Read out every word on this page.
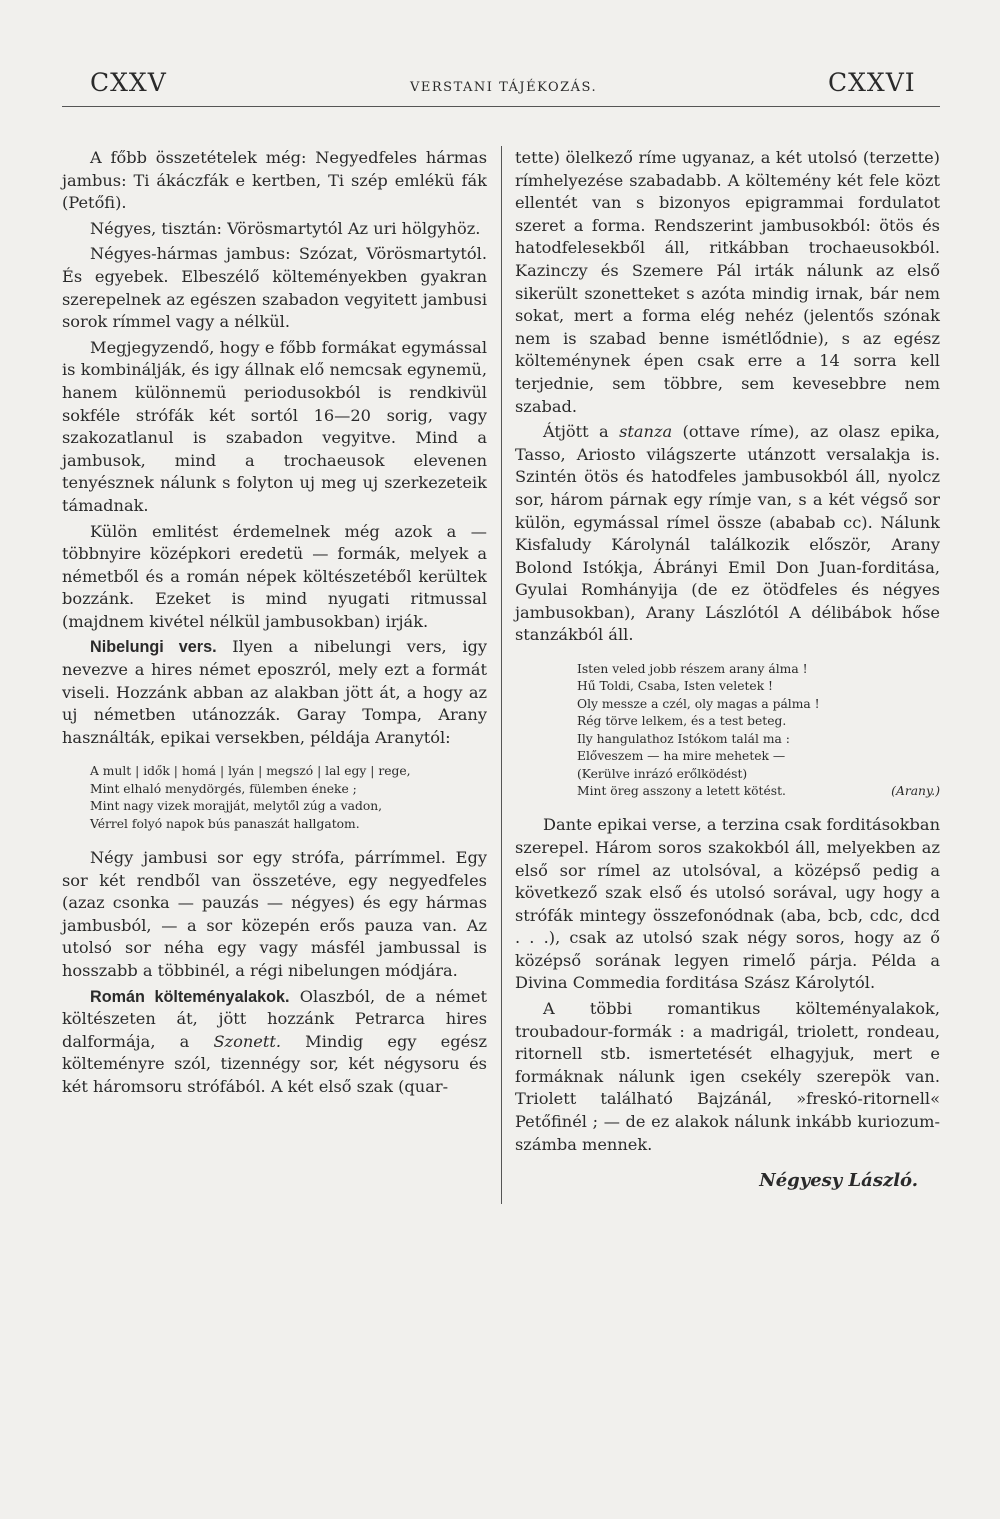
CXXV	VERSTANI TÁJÉKOZÁS.	CXXVI

A főbb összetételek még: Negyedfeles hármas jambus: Ti ákáczfák e kertben, Ti szép emlékü fák (Petőfi).

Négyes, tisztán: Vörösmartytól Az uri hölgyhöz.

Négyes-hármas jambus: Szózat, Vörösmartytól. És egyebek. Elbeszélő költeményekben gyakran szerepelnek az egészen szabadon vegyitett jambusi sorok rímmel vagy a nélkül.

Megjegyzendő, hogy e főbb formákat egymással is kombinálják, és igy állnak elő nemcsak egynemü, hanem különnemü periodusokból is rendkivül sokféle strófák két sortól 16—20 sorig, vagy szakozatlanul is szabadon vegyitve. Mind a jambusok, mind a trochaeusok elevenen tenyésznek nálunk s folyton uj meg uj szerkezeteik támadnak.

Külön emlitést érdemelnek még azok a — többnyire középkori eredetü — formák, melyek a németből és a román népek költészetéből kerültek bozzánk. Ezeket is mind nyugati ritmussal (majdnem kivétel nélkül jambusokban) irják.

Nibelungi vers. Ilyen a nibelungi vers, igy nevezve a hires német eposzról, mely ezt a formát viseli. Hozzánk abban az alakban jött át, a hogy az uj németben utánozzák. Garay Tompa, Arany használták, epikai versekben, példája Aranytól:

A mult | idők | homá | lyán | megszó | lal egy | rege,
Mint elhaló menydörgés, fülemben éneke ;
Mint nagy vizek morajját, melytől zúg a vadon,
Vérrel folyó napok bús panaszát hallgatom.

Négy jambusi sor egy strófa, párrímmel. Egy sor két rendből van összetéve, egy negyedfeles (azaz csonka — pauzás — négyes) és egy hármas jambusból, — a sor közepén erős pauza van. Az utolsó sor néha egy vagy másfél jambussal is hosszabb a többinél, a régi nibelungen módjára.

Román költeményalakok. Olaszból, de a német költészeten át, jött hozzánk Petrarca hires dalformája, a Szonett. Mindig egy egész költeményre szól, tizennégy sor, két négysoru és két háromsoru strófából. A két első szak (quar-

tette) ölelkező ríme ugyanaz, a két utolsó (terzette) rímhelyezése szabadabb. A költemény két fele közt ellentét van s bizonyos epigrammai fordulatot szeret a forma. Rendszerint jambusokból: ötös és hatodfelesekből áll, ritkábban trochaeusokból. Kazinczy és Szemere Pál irták nálunk az első sikerült szonetteket s azóta mindig irnak, bár nem sokat, mert a forma elég nehéz (jelentős szónak nem is szabad benne ismétlődnie), s az egész költeménynek épen csak erre a 14 sorra kell terjednie, sem többre, sem kevesebbre nem szabad.

Átjött a stanza (ottave ríme), az olasz epika, Tasso, Ariosto világszerte utánzott versalakja is. Szintén ötös és hatodfeles jambusokból áll, nyolcz sor, három párnak egy rímje van, s a két végső sor külön, egymással rímel össze (ababab cc). Nálunk Kisfaludy Károlynál találkozik először, Arany Bolond Istókja, Ábrányi Emil Don Juan-forditása, Gyulai Romhányija (de ez ötödfeles és négyes jambusokban), Arany Lászlótól A délibábok hőse stanzákból áll.

Isten veled jobb részem arany álma !
Hű Toldi, Csaba, Isten veletek !
Oly messze a czél, oly magas a pálma !
Rég törve lelkem, és a test beteg.
Ily hangulathoz Istókom talál ma :
Előveszem — ha mire mehetek —
(Kerülve inrázó erőlködést)
Mint öreg asszony a letett kötést.	(Arany.)

Dante epikai verse, a terzina csak forditásokban szerepel. Három soros szakokból áll, melyekben az első sor rímel az utolsóval, a középső pedig a következő szak első és utolsó sorával, ugy hogy a strófák mintegy összefonódnak (aba, bcb, cdc, dcd . . .), csak az utolsó szak négy soros, hogy az ő középső sorának legyen rimelő párja. Példa a Divina Commedia forditása Szász Károlytól.

A többi romantikus költeményalakok, troubadour-formák : a madrigál, triolett, rondeau, ritornell stb. ismertetését elhagyjuk, mert e formáknak nálunk igen csekély szerepök van. Triolett található Bajzánál, »freskó-ritornell« Petőfinél ; — de ez alakok nálunk inkább kuriozum-számba mennek.

Négyesy László.
